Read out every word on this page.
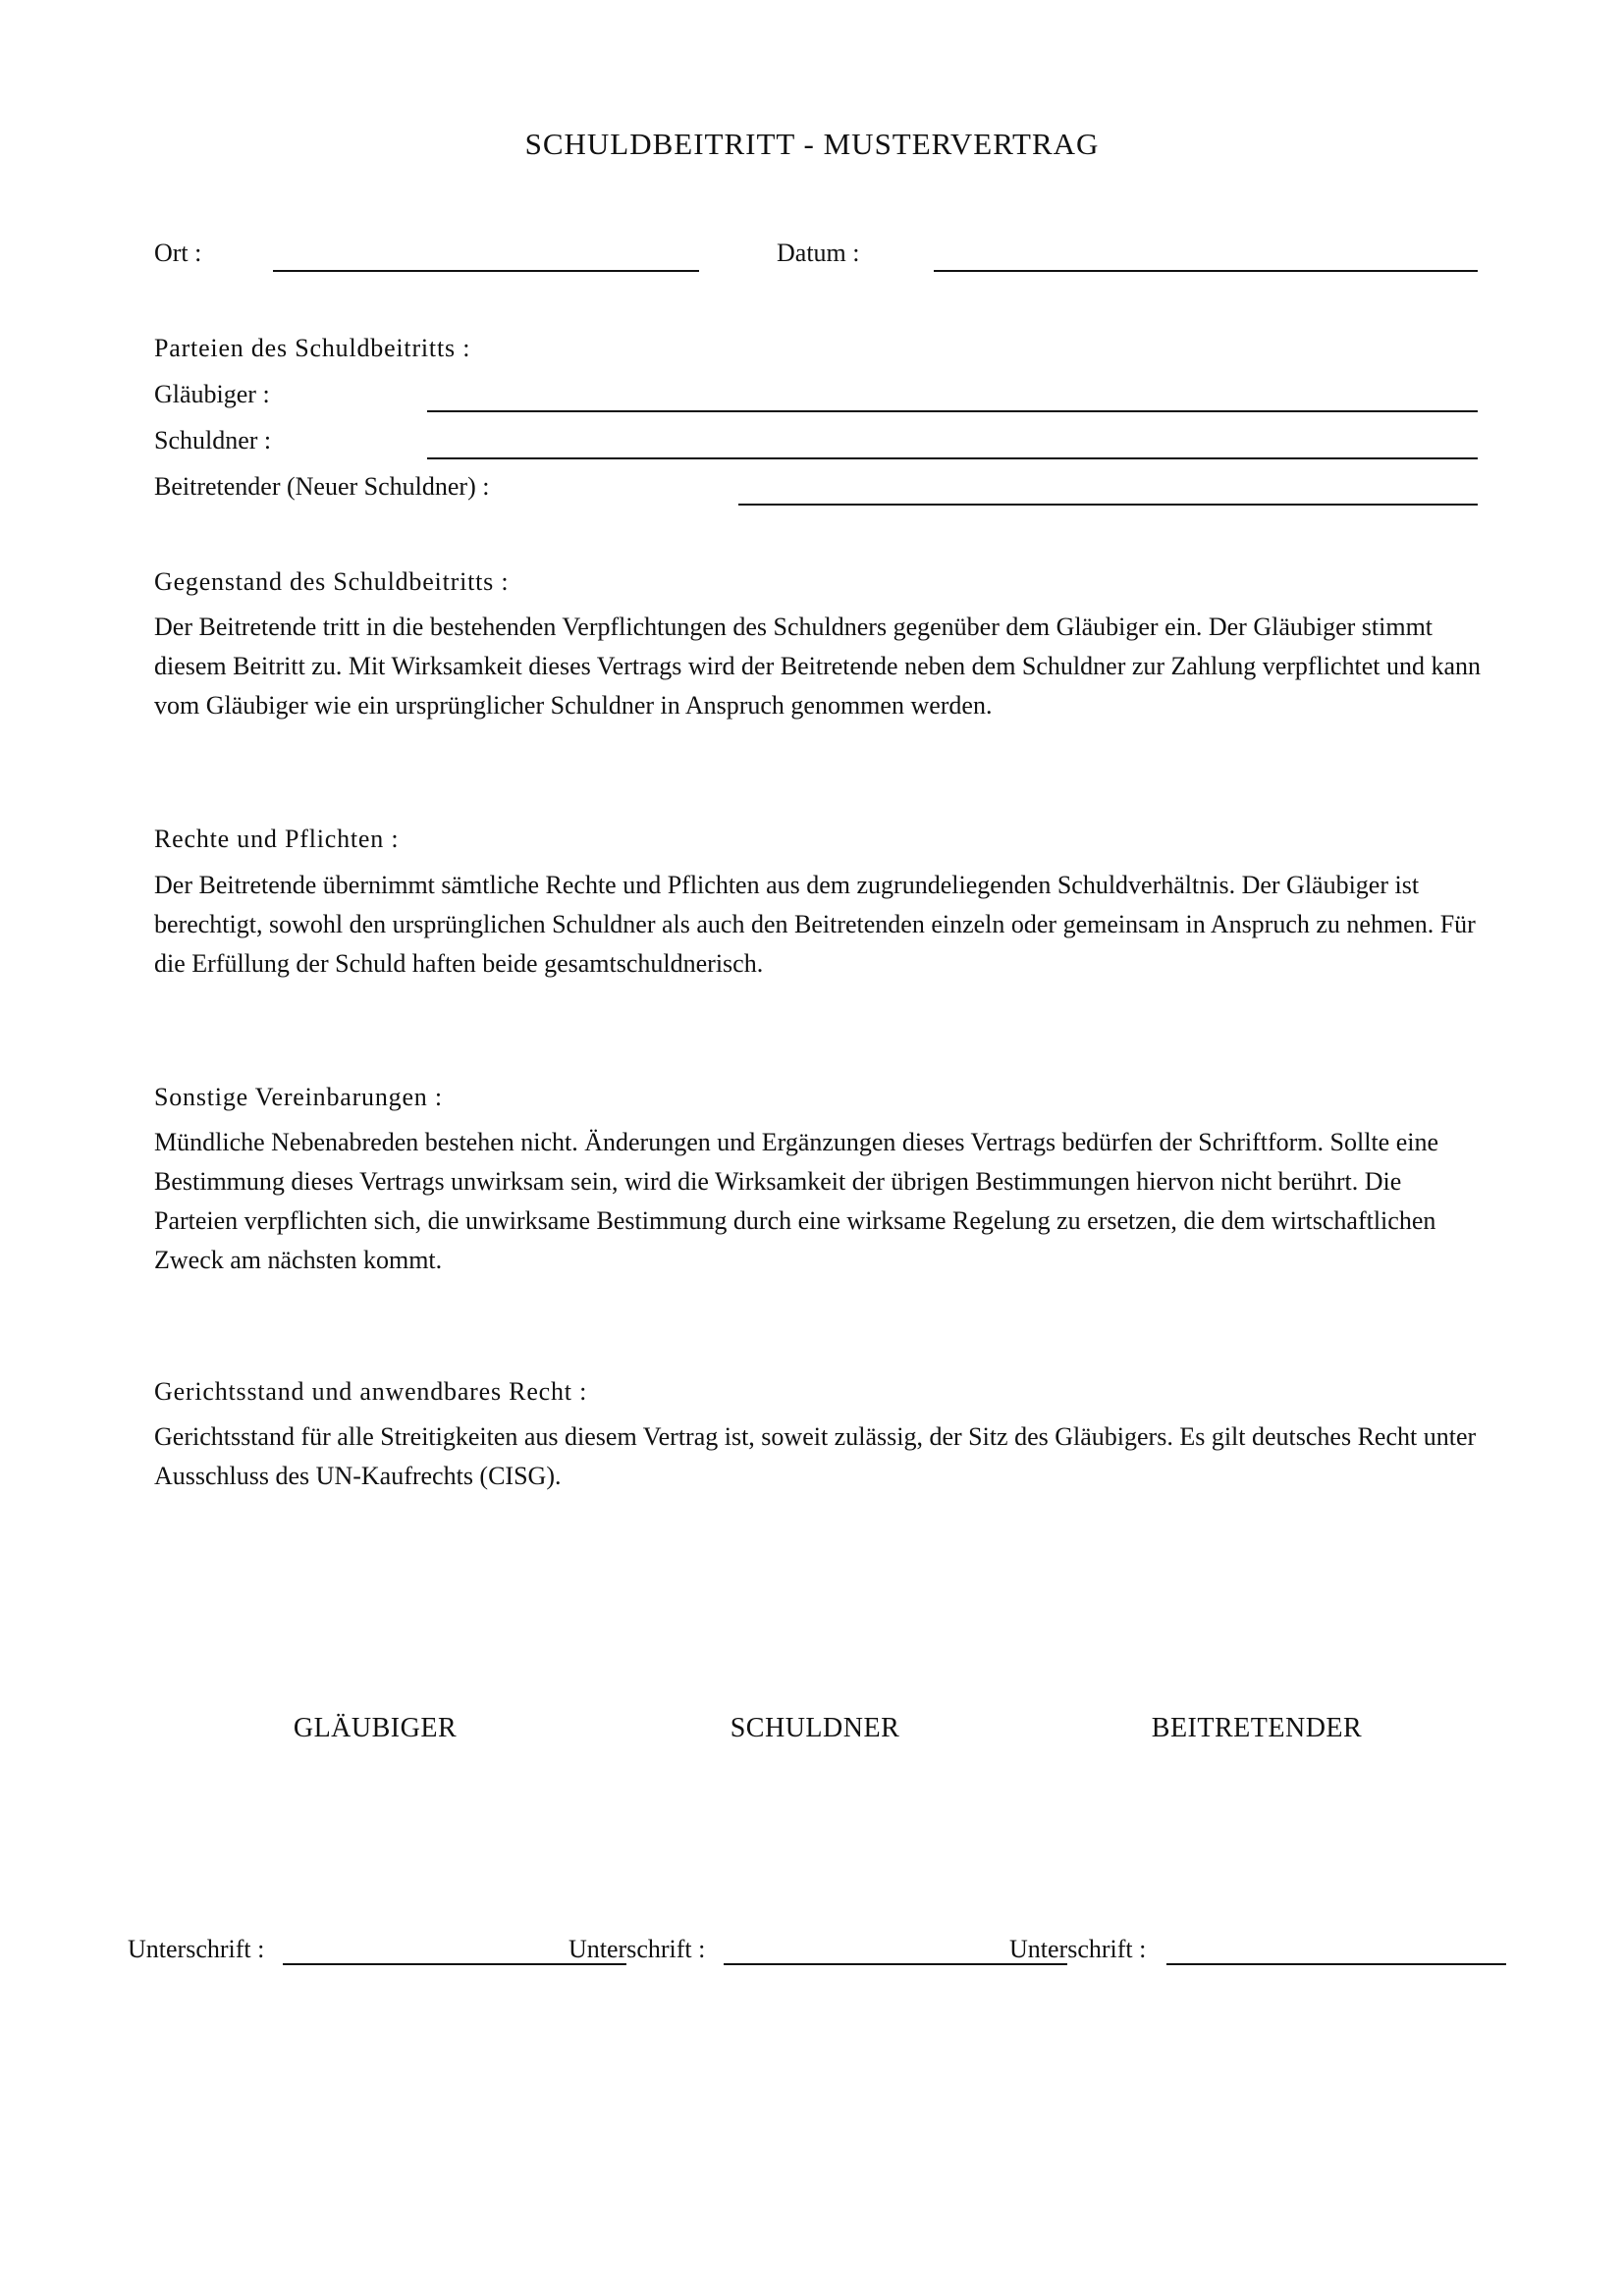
SCHULDBEITRITT - MUSTERVERTRAG
Ort :	Datum :
Parteien des Schuldbeitritts :
Gläubiger :
Schuldner :
Beitretender (Neuer Schuldner) :
Gegenstand des Schuldbeitritts :
Der Beitretende tritt in die bestehenden Verpflichtungen des Schuldners gegenüber dem Gläubiger ein. Der Gläubiger stimmt diesem Beitritt zu. Mit Wirksamkeit dieses Vertrags wird der Beitretende neben dem Schuldner zur Zahlung verpflichtet und kann vom Gläubiger wie ein ursprünglicher Schuldner in Anspruch genommen werden.
Rechte und Pflichten :
Der Beitretende übernimmt sämtliche Rechte und Pflichten aus dem zugrundeliegenden Schuldverhältnis. Der Gläubiger ist berechtigt, sowohl den ursprünglichen Schuldner als auch den Beitretenden einzeln oder gemeinsam in Anspruch zu nehmen. Für die Erfüllung der Schuld haften beide gesamtschuldnerisch.
Sonstige Vereinbarungen :
Mündliche Nebenabreden bestehen nicht. Änderungen und Ergänzungen dieses Vertrags bedürfen der Schriftform. Sollte eine Bestimmung dieses Vertrags unwirksam sein, wird die Wirksamkeit der übrigen Bestimmungen hiervon nicht berührt. Die Parteien verpflichten sich, die unwirksame Bestimmung durch eine wirksame Regelung zu ersetzen, die dem wirtschaftlichen Zweck am nächsten kommt.
Gerichtsstand und anwendbares Recht :
Gerichtsstand für alle Streitigkeiten aus diesem Vertrag ist, soweit zulässig, der Sitz des Gläubigers. Es gilt deutsches Recht unter Ausschluss des UN-Kaufrechts (CISG).
GLÄUBIGER	SCHULDNER	BEITRETENDER
Unterschrift :	Unterschrift :	Unterschrift :
